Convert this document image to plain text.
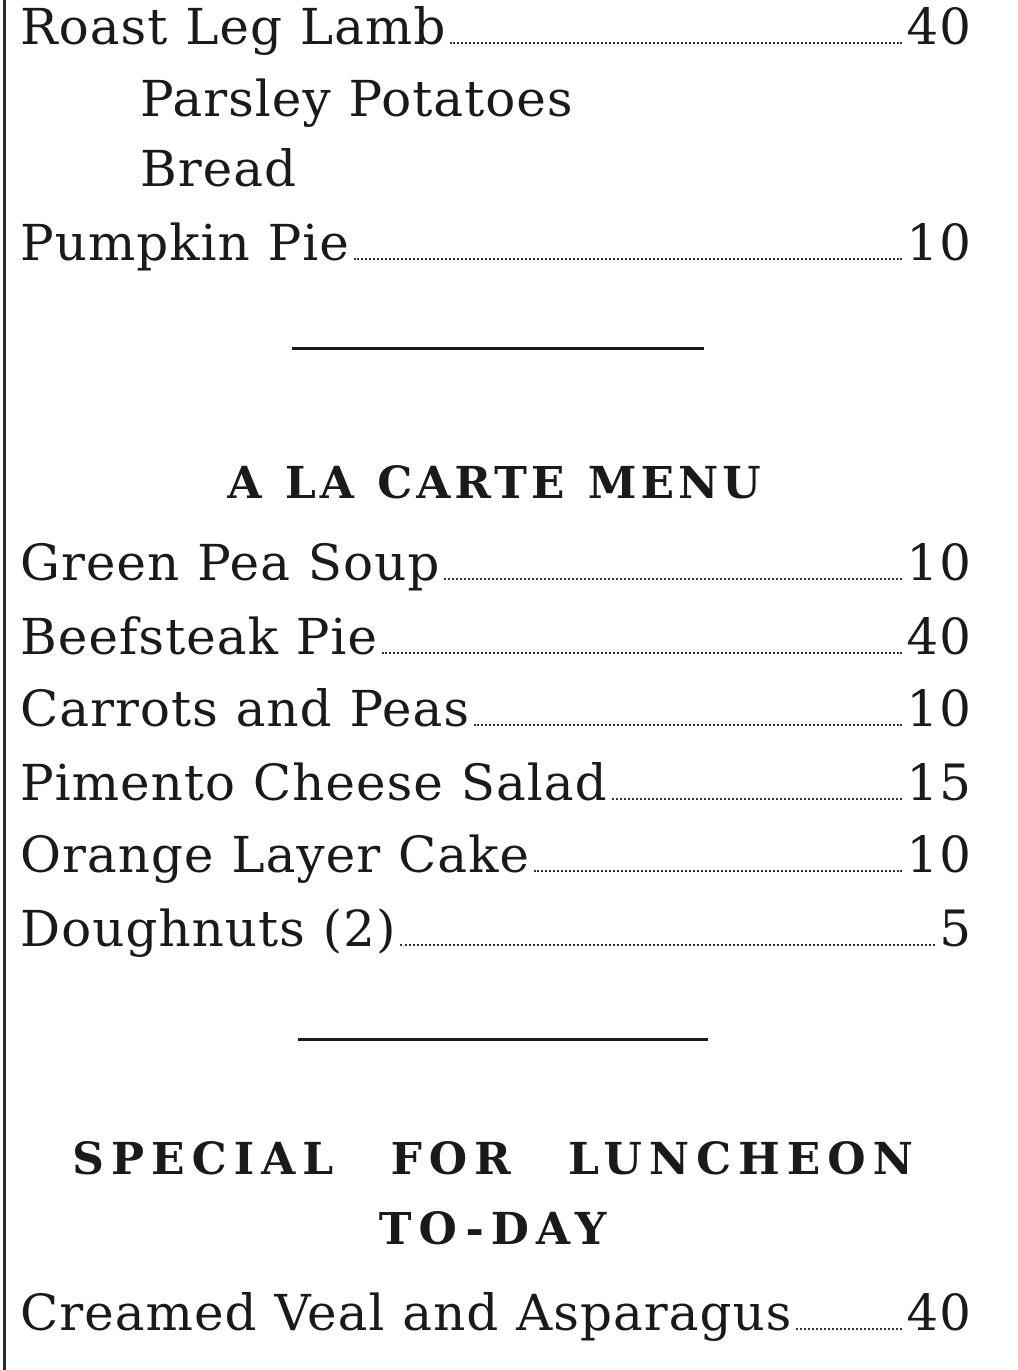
Roast Leg Lamb	40
Parsley Potatoes
Bread
Pumpkin Pie	10
A LA CARTE MENU
Green Pea Soup	10
Beefsteak Pie	40
Carrots and Peas	10
Pimento Cheese Salad	15
Orange Layer Cake	10
Doughnuts (2)	5
SPECIAL FOR LUNCHEON
TO-DAY
Creamed Veal and Asparagus 40
